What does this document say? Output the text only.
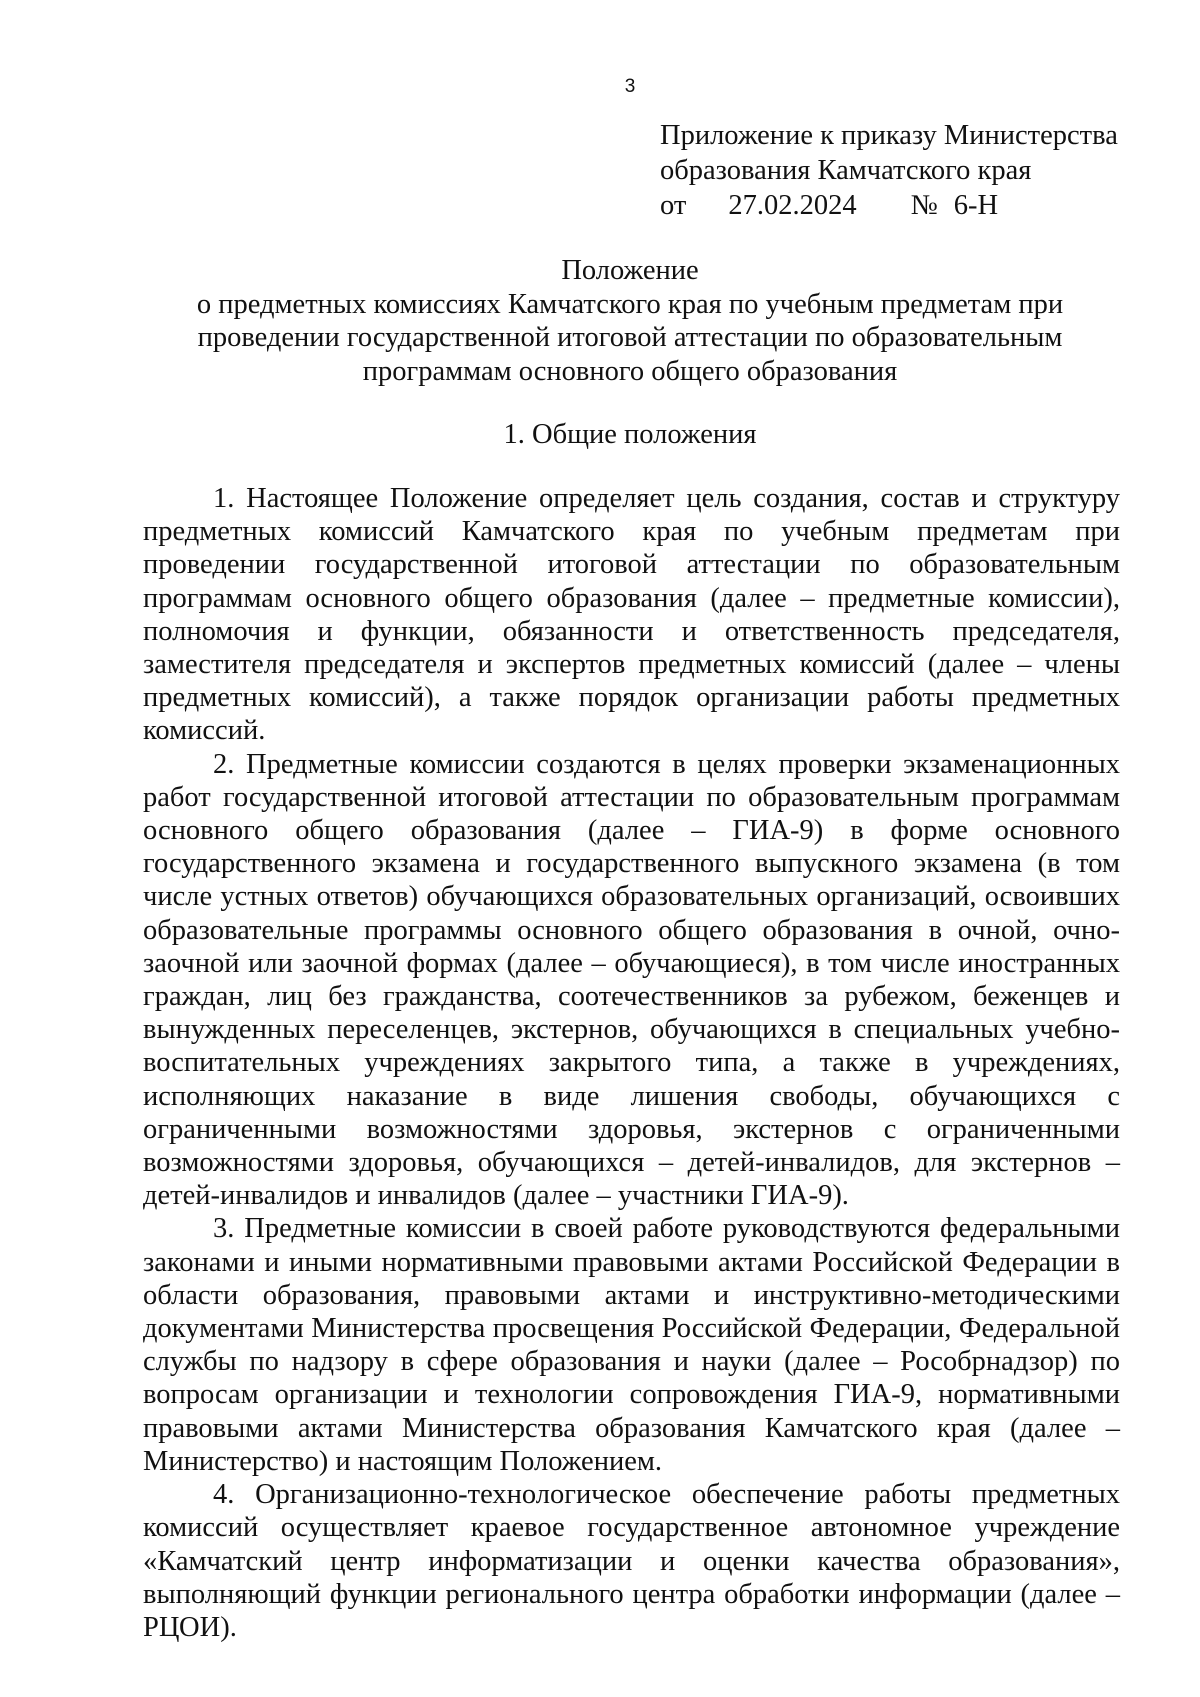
3
Приложение к приказу Министерства
образования Камчатского края
от 27.02.2024 № 6-Н
Положение
о предметных комиссиях Камчатского края по учебным предметам при
проведении государственной итоговой аттестации по образовательным
программам основного общего образования
1. Общие положения

1. Настоящее Положение определяет цель создания, состав и структуру предметных комиссий Камчатского края по учебным предметам при проведении государственной итоговой аттестации по образовательным программам основного общего образования (далее – предметные комиссии), полномочия и функции, обязанности и ответственность председателя, заместителя председателя и экспертов предметных комиссий (далее – члены предметных комиссий), а также порядок организации работы предметных комиссий.

2. Предметные комиссии создаются в целях проверки экзаменационных работ государственной итоговой аттестации по образовательным программам основного общего образования (далее – ГИА-9) в форме основного государственного экзамена и государственного выпускного экзамена (в том числе устных ответов) обучающихся образовательных организаций, освоивших образовательные программы основного общего образования в очной, очно-заочной или заочной формах (далее – обучающиеся), в том числе иностранных граждан, лиц без гражданства, соотечественников за рубежом, беженцев и вынужденных переселенцев, экстернов, обучающихся в специальных учебно-воспитательных учреждениях закрытого типа, а также в учреждениях, исполняющих наказание в виде лишения свободы, обучающихся с ограниченными возможностями здоровья, экстернов с ограниченными возможностями здоровья, обучающихся – детей-инвалидов, для экстернов – детей-инвалидов и инвалидов (далее – участники ГИА-9).

3. Предметные комиссии в своей работе руководствуются федеральными законами и иными нормативными правовыми актами Российской Федерации в области образования, правовыми актами и инструктивно-методическими документами Министерства просвещения Российской Федерации, Федеральной службы по надзору в сфере образования и науки (далее – Рособрнадзор) по вопросам организации и технологии сопровождения ГИА-9, нормативными правовыми актами Министерства образования Камчатского края (далее – Министерство) и настоящим Положением.

4. Организационно-технологическое обеспечение работы предметных комиссий осуществляет краевое государственное автономное учреждение «Камчатский центр информатизации и оценки качества образования», выполняющий функции регионального центра обработки информации (далее – РЦОИ).
